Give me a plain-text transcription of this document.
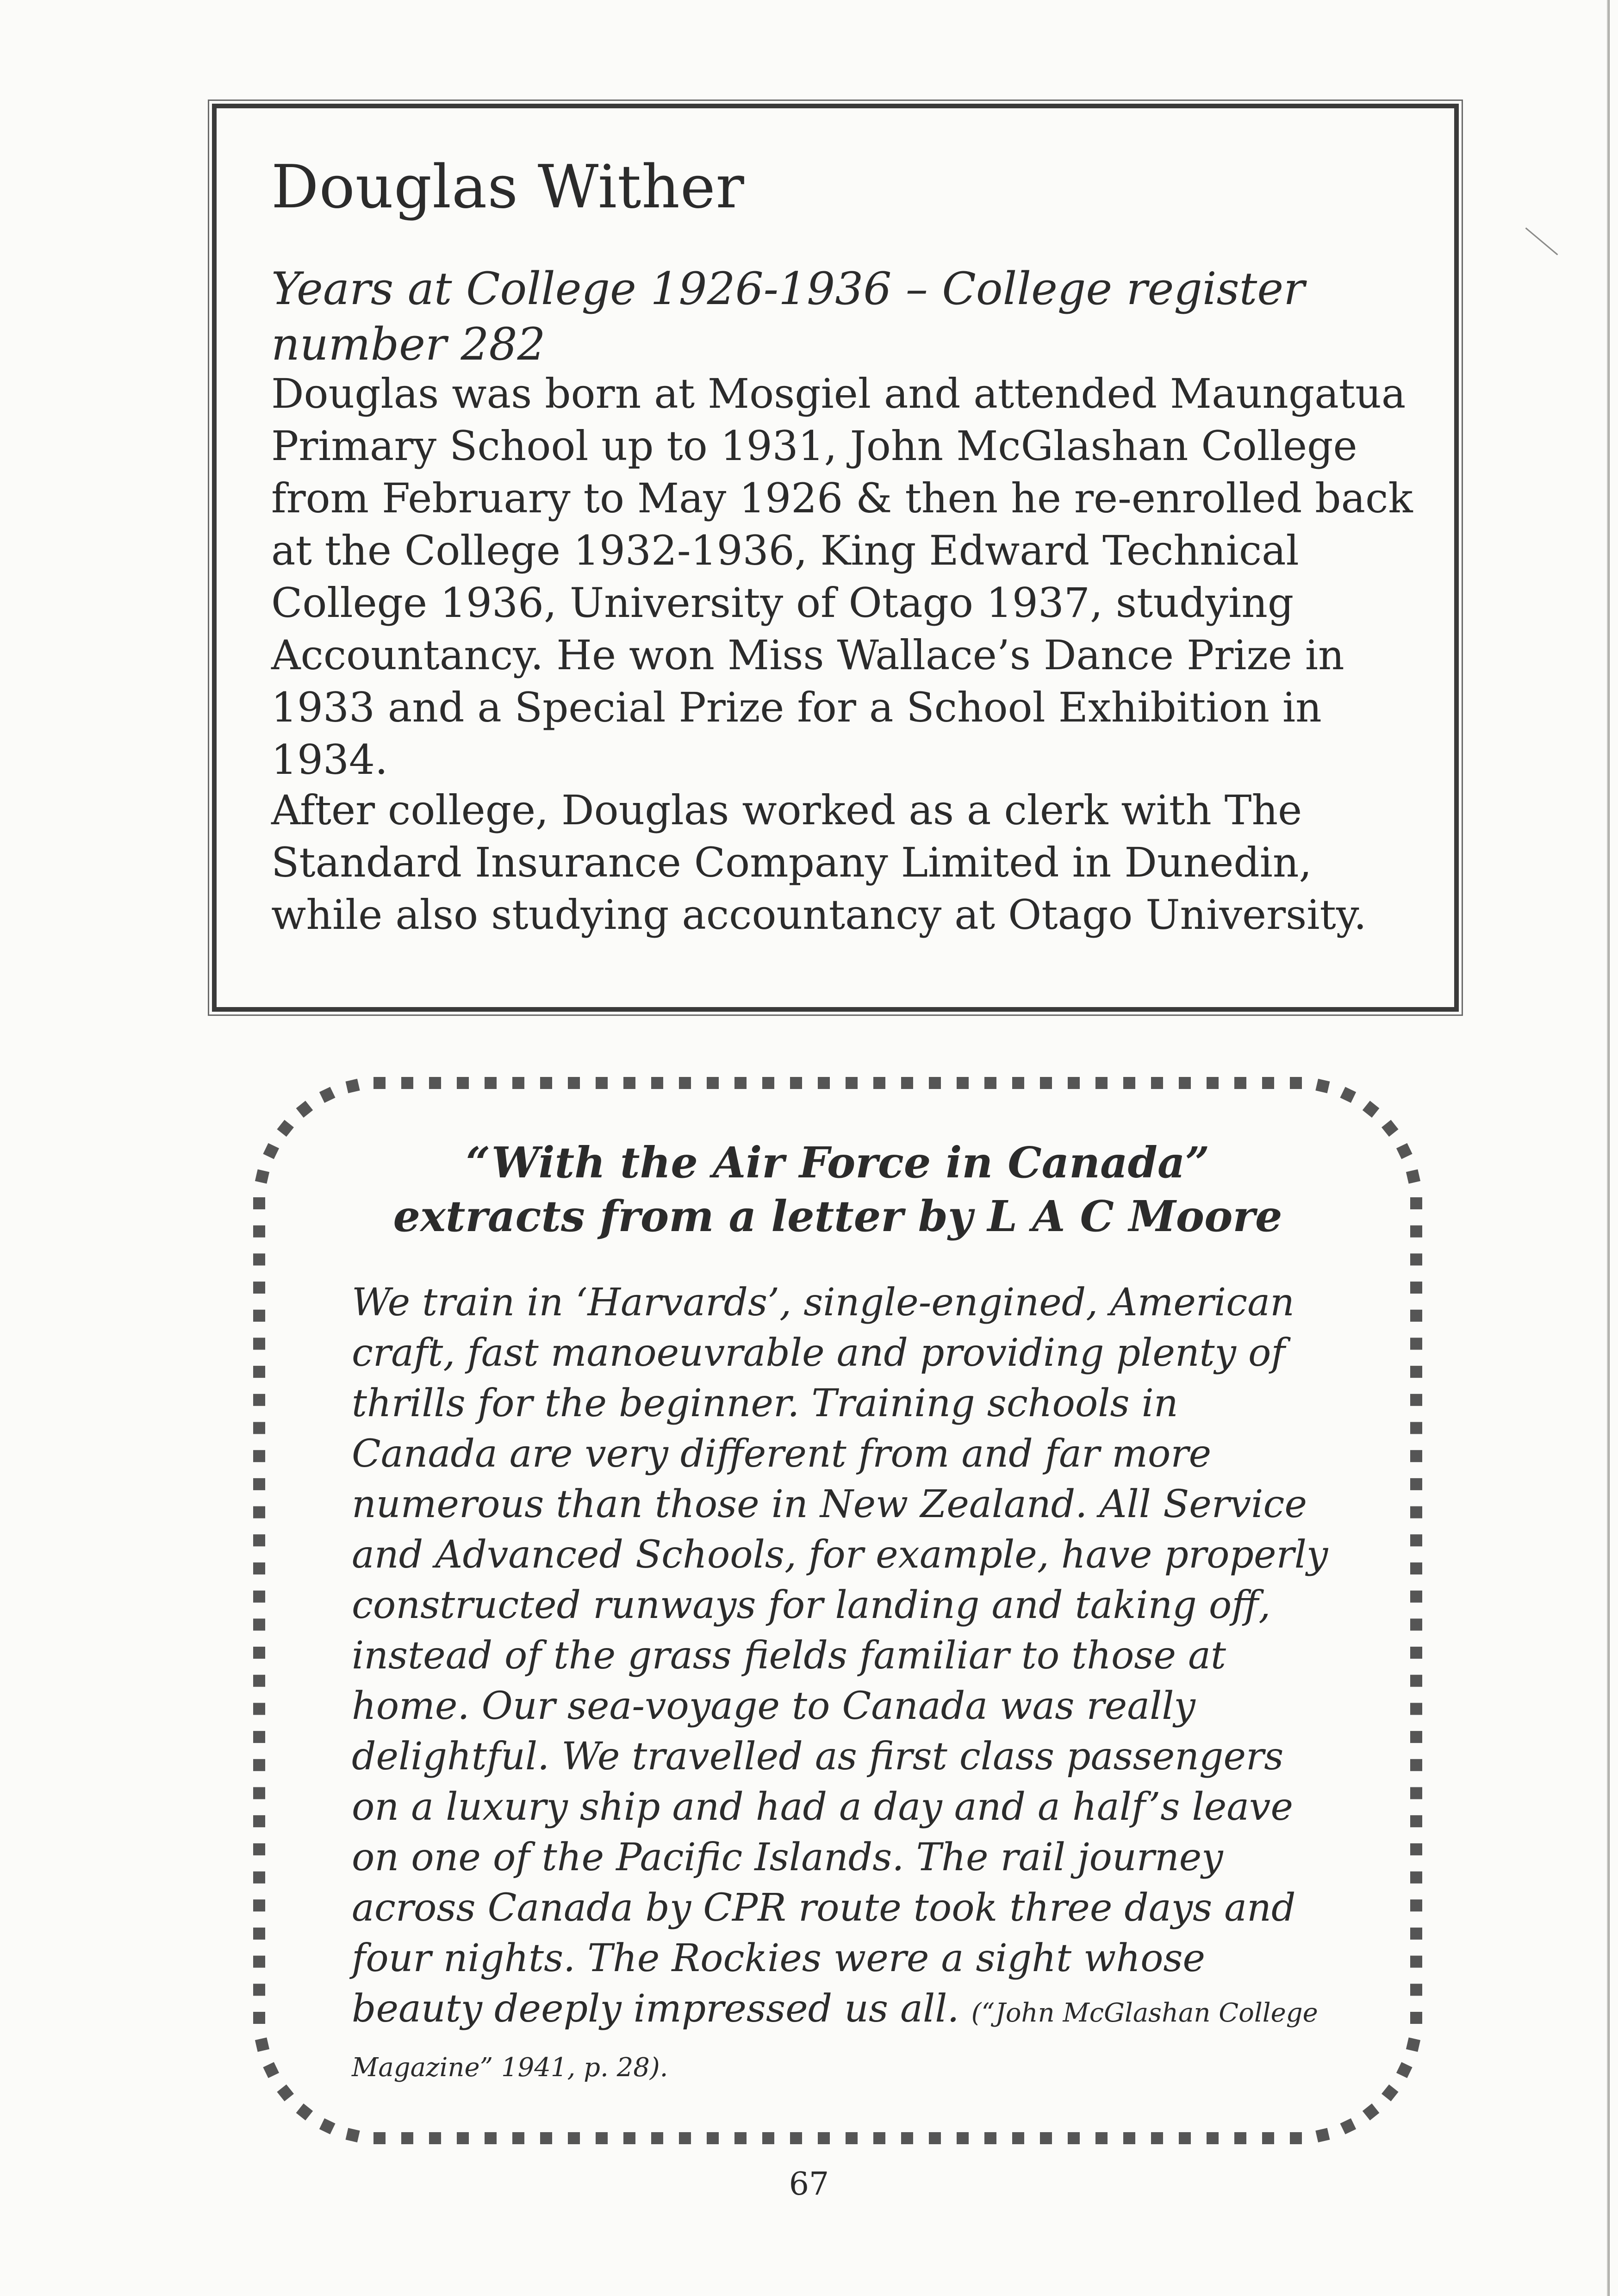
Douglas Wither

Years at College 1926-1936 – College register number 282

Douglas was born at Mosgiel and attended Maungatua Primary School up to 1931, John McGlashan College from February to May 1926 & then he re-enrolled back at the College 1932-1936, King Edward Technical College 1936, University of Otago 1937, studying Accountancy. He won Miss Wallace’s Dance Prize in 1933 and a Special Prize for a School Exhibition in 1934.

After college, Douglas worked as a clerk with The Standard Insurance Company Limited in Dunedin, while also studying accountancy at Otago University.

“With the Air Force in Canada”
extracts from a letter by L A C Moore

We train in ‘Harvards’, single-engined, American craft, fast manoeuvrable and providing plenty of thrills for the beginner. Training schools in Canada are very different from and far more numerous than those in New Zealand. All Service and Advanced Schools, for example, have properly constructed runways for landing and taking off, instead of the grass fields familiar to those at home. Our sea-voyage to Canada was really delightful. We travelled as first class passengers on a luxury ship and had a day and a half’s leave on one of the Pacific Islands. The rail journey across Canada by CPR route took three days and four nights. The Rockies were a sight whose beauty deeply impressed us all. (“John McGlashan College Magazine” 1941, p. 28).

67
